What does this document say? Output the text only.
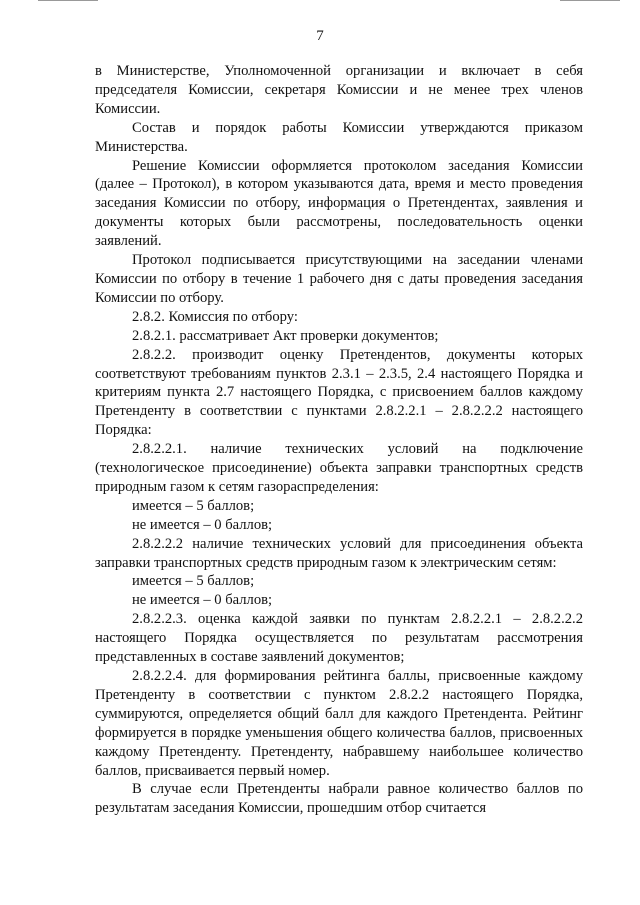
7

в Министерстве, Уполномоченной организации и включает в себя председателя Комиссии, секретаря Комиссии и не менее трех членов Комиссии.

Состав и порядок работы Комиссии утверждаются приказом Министерства.

Решение Комиссии оформляется протоколом заседания Комиссии (далее – Протокол), в котором указываются дата, время и место проведения заседания Комиссии по отбору, информация о Претендентах, заявления и документы которых были рассмотрены, последовательность оценки заявлений.

Протокол подписывается присутствующими на заседании членами Комиссии по отбору в течение 1 рабочего дня с даты проведения заседания Комиссии по отбору.

2.8.2. Комиссия по отбору:

2.8.2.1. рассматривает Акт проверки документов;

2.8.2.2. производит оценку Претендентов, документы которых соответствуют требованиям пунктов 2.3.1 – 2.3.5, 2.4 настоящего Порядка и критериям пункта 2.7 настоящего Порядка, с присвоением баллов каждому Претенденту в соответствии с пунктами 2.8.2.2.1 – 2.8.2.2.2 настоящего Порядка:

2.8.2.2.1. наличие технических условий на подключение (технологическое присоединение) объекта заправки транспортных средств природным газом к сетям газораспределения:

имеется – 5 баллов;

не имеется – 0 баллов;

2.8.2.2.2 наличие технических условий для присоединения объекта заправки транспортных средств природным газом к электрическим сетям:

имеется – 5 баллов;

не имеется – 0 баллов;

2.8.2.2.3. оценка каждой заявки по пунктам 2.8.2.2.1 – 2.8.2.2.2 настоящего Порядка осуществляется по результатам рассмотрения представленных в составе заявлений документов;

2.8.2.2.4. для формирования рейтинга баллы, присвоенные каждому Претенденту в соответствии с пунктом 2.8.2.2 настоящего Порядка, суммируются, определяется общий балл для каждого Претендента. Рейтинг формируется в порядке уменьшения общего количества баллов, присвоенных каждому Претенденту. Претенденту, набравшему наибольшее количество баллов, присваивается первый номер.

В случае если Претенденты набрали равное количество баллов по результатам заседания Комиссии, прошедшим отбор считается
